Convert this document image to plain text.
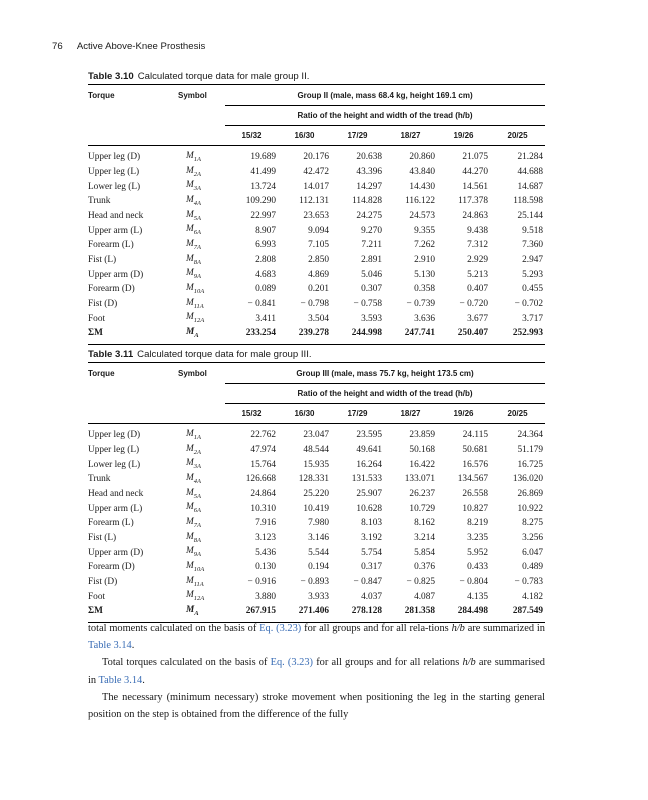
76 Active Above-Knee Prosthesis
Table 3.10 Calculated torque data for male group II.
Torque	Symbol	Group II (male, mass 68.4 kg, height 169.1 cm)					
		Ratio of the height and width of the tread (h/b)					
		15/32	16/30	17/29	18/27	19/26	20/25
Upper leg (D)	$M_{1A}$	19.689	20.176	20.638	20.860	21.075	21.284
Upper leg (L)	$M_{2A}$	41.499	42.472	43.396	43.840	44.270	44.688
Lower leg (L)	$M_{3A}$	13.724	14.017	14.297	14.430	14.561	14.687
Trunk	$M_{4A}$	109.290	112.131	114.828	116.122	117.378	118.598
Head and neck	$M_{5A}$	22.997	23.653	24.275	24.573	24.863	25.144
Upper arm (L)	$M_{6A}$	8.907	9.094	9.270	9.355	9.438	9.518
Forearm (L)	$M_{7A}$	6.993	7.105	7.211	7.262	7.312	7.360
Fist (L)	$M_{8A}$	2.808	2.850	2.891	2.910	2.929	2.947
Upper arm (D)	$M_{9A}$	4.683	4.869	5.046	5.130	5.213	5.293
Forearm (D)	$M_{10A}$	0.089	0.201	0.307	0.358	0.407	0.455
Fist (D)	$M_{11A}$	− 0.841	− 0.798	− 0.758	− 0.739	− 0.720	− 0.702
Foot	$M_{12A}$	3.411	3.504	3.593	3.636	3.677	3.717
ΣM	$M_A$	233.254	239.278	244.998	247.741	250.407	252.993
Table 3.11 Calculated torque data for male group III.
Torque	Symbol	Group III (male, mass 75.7 kg, height 173.5 cm)					
		Ratio of the height and width of the tread (h/b)					
		15/32	16/30	17/29	18/27	19/26	20/25
Upper leg (D)	$M_{1A}$	22.762	23.047	23.595	23.859	24.115	24.364
Upper leg (L)	$M_{2A}$	47.974	48.544	49.641	50.168	50.681	51.179
Lower leg (L)	$M_{3A}$	15.764	15.935	16.264	16.422	16.576	16.725
Trunk	$M_{4A}$	126.668	128.331	131.533	133.071	134.567	136.020
Head and neck	$M_{5A}$	24.864	25.220	25.907	26.237	26.558	26.869
Upper arm (L)	$M_{6A}$	10.310	10.419	10.628	10.729	10.827	10.922
Forearm (L)	$M_{7A}$	7.916	7.980	8.103	8.162	8.219	8.275
Fist (L)	$M_{8A}$	3.123	3.146	3.192	3.214	3.235	3.256
Upper arm (D)	$M_{9A}$	5.436	5.544	5.754	5.854	5.952	6.047
Forearm (D)	$M_{10A}$	0.130	0.194	0.317	0.376	0.433	0.489
Fist (D)	$M_{11A}$	− 0.916	− 0.893	− 0.847	− 0.825	− 0.804	− 0.783
Foot	$M_{12A}$	3.880	3.933	4.037	4.087	4.135	4.182
ΣM	$M_A$	267.915	271.406	278.128	281.358	284.498	287.549

total moments calculated on the basis of Eq. (3.23) for all groups and for all rela-tions h/b are summarized in Table 3.14.

Total torques calculated on the basis of Eq. (3.23) for all groups and for all relations h/b are summarised in Table 3.14.

The necessary (minimum necessary) stroke movement when positioning the leg in the starting general position on the step is obtained from the difference of the fully
